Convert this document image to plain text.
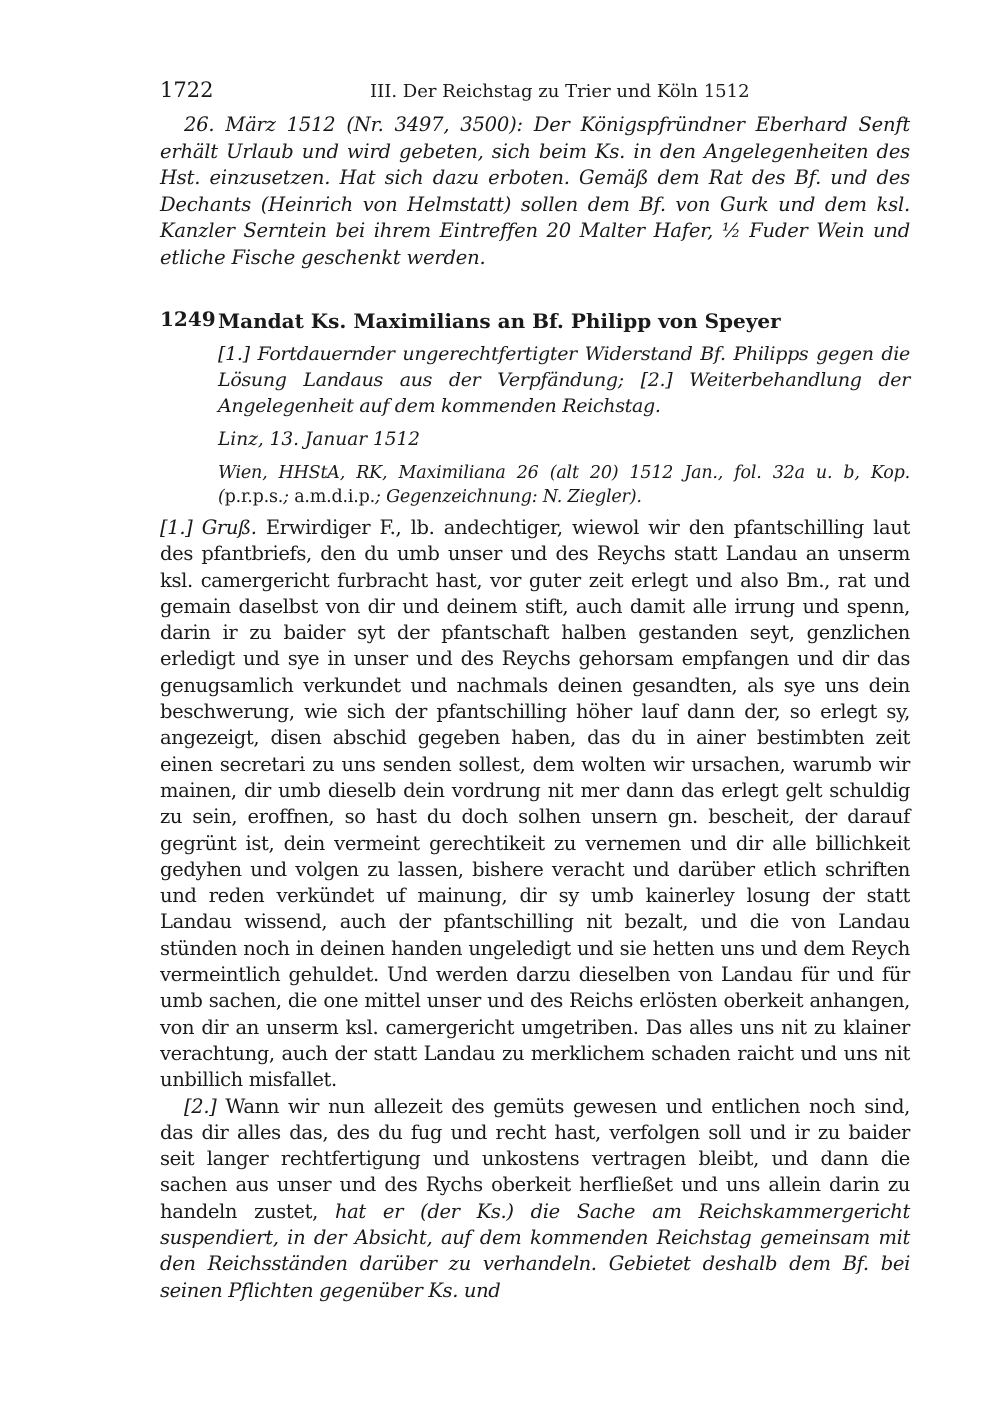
1722	III. Der Reichstag zu Trier und Köln 1512

26. März 1512 (Nr. 3497, 3500): Der Königspfründner Eberhard Senft erhält Urlaub und wird gebeten, sich beim Ks. in den Angelegenheiten des Hst. einzusetzen. Hat sich dazu erboten. Gemäß dem Rat des Bf. und des Dechants (Heinrich von Helmstatt) sollen dem Bf. von Gurk und dem ksl. Kanzler Serntein bei ihrem Eintreffen 20 Malter Hafer, ½ Fuder Wein und etliche Fische geschenkt werden.

1249 Mandat Ks. Maximilians an Bf. Philipp von Speyer
[1.] Fortdauernder ungerechtfertigter Widerstand Bf. Philipps gegen die Lösung Landaus aus der Verpfändung; [2.] Weiterbehandlung der Angelegenheit auf dem kommenden Reichstag.
Linz, 13. Januar 1512
Wien, HHStA, RK, Maximiliana 26 (alt 20) 1512 Jan., fol. 32a u. b, Kop. (p.r.p.s.; a.m.d.i.p.; Gegenzeichnung: N. Ziegler).

[1.] Gruß. Erwirdiger F., lb. andechtiger, wiewol wir den pfantschilling laut des pfantbriefs, den du umb unser und des Reychs statt Landau an unserm ksl. camergericht furbracht hast, vor guter zeit erlegt und also Bm., rat und gemain daselbst von dir und deinem stift, auch damit alle irrung und spenn, darin ir zu baider syt der pfantschaft halben gestanden seyt, genzlichen erledigt und sye in unser und des Reychs gehorsam empfangen und dir das genugsamlich verkundet und nachmals deinen gesandten, als sye uns dein beschwerung, wie sich der pfantschilling höher lauf dann der, so erlegt sy, angezeigt, disen abschid gegeben haben, das du in ainer bestimbten zeit einen secretari zu uns senden sollest, dem wolten wir ursachen, warumb wir mainen, dir umb dieselb dein vordrung nit mer dann das erlegt gelt schuldig zu sein, eroffnen, so hast du doch solhen unsern gn. bescheit, der darauf gegrünt ist, dein vermeint gerechtikeit zu vernemen und dir alle billichkeit gedyhen und volgen zu lassen, bishere veracht und darüber etlich schriften und reden verkündet uf mainung, dir sy umb kainerley losung der statt Landau wissend, auch der pfantschilling nit bezalt, und die von Landau stünden noch in deinen handen ungeledigt und sie hetten uns und dem Reych vermeintlich gehuldet. Und werden darzu dieselben von Landau für und für umb sachen, die one mittel unser und des Reichs erlösten oberkeit anhangen, von dir an unserm ksl. camergericht umgetriben. Das alles uns nit zu klainer verachtung, auch der statt Landau zu merklichem schaden raicht und uns nit unbillich misfallet.

[2.] Wann wir nun allezeit des gemüts gewesen und entlichen noch sind, das dir alles das, des du fug und recht hast, verfolgen soll und ir zu baider seit langer rechtfertigung und unkostens vertragen bleibt, und dann die sachen aus unser und des Rychs oberkeit herfließet und uns allein darin zu handeln zustet, hat er (der Ks.) die Sache am Reichskammergericht suspendiert, in der Absicht, auf dem kommenden Reichstag gemeinsam mit den Reichsständen darüber zu verhandeln. Gebietet deshalb dem Bf. bei seinen Pflichten gegenüber Ks. und
